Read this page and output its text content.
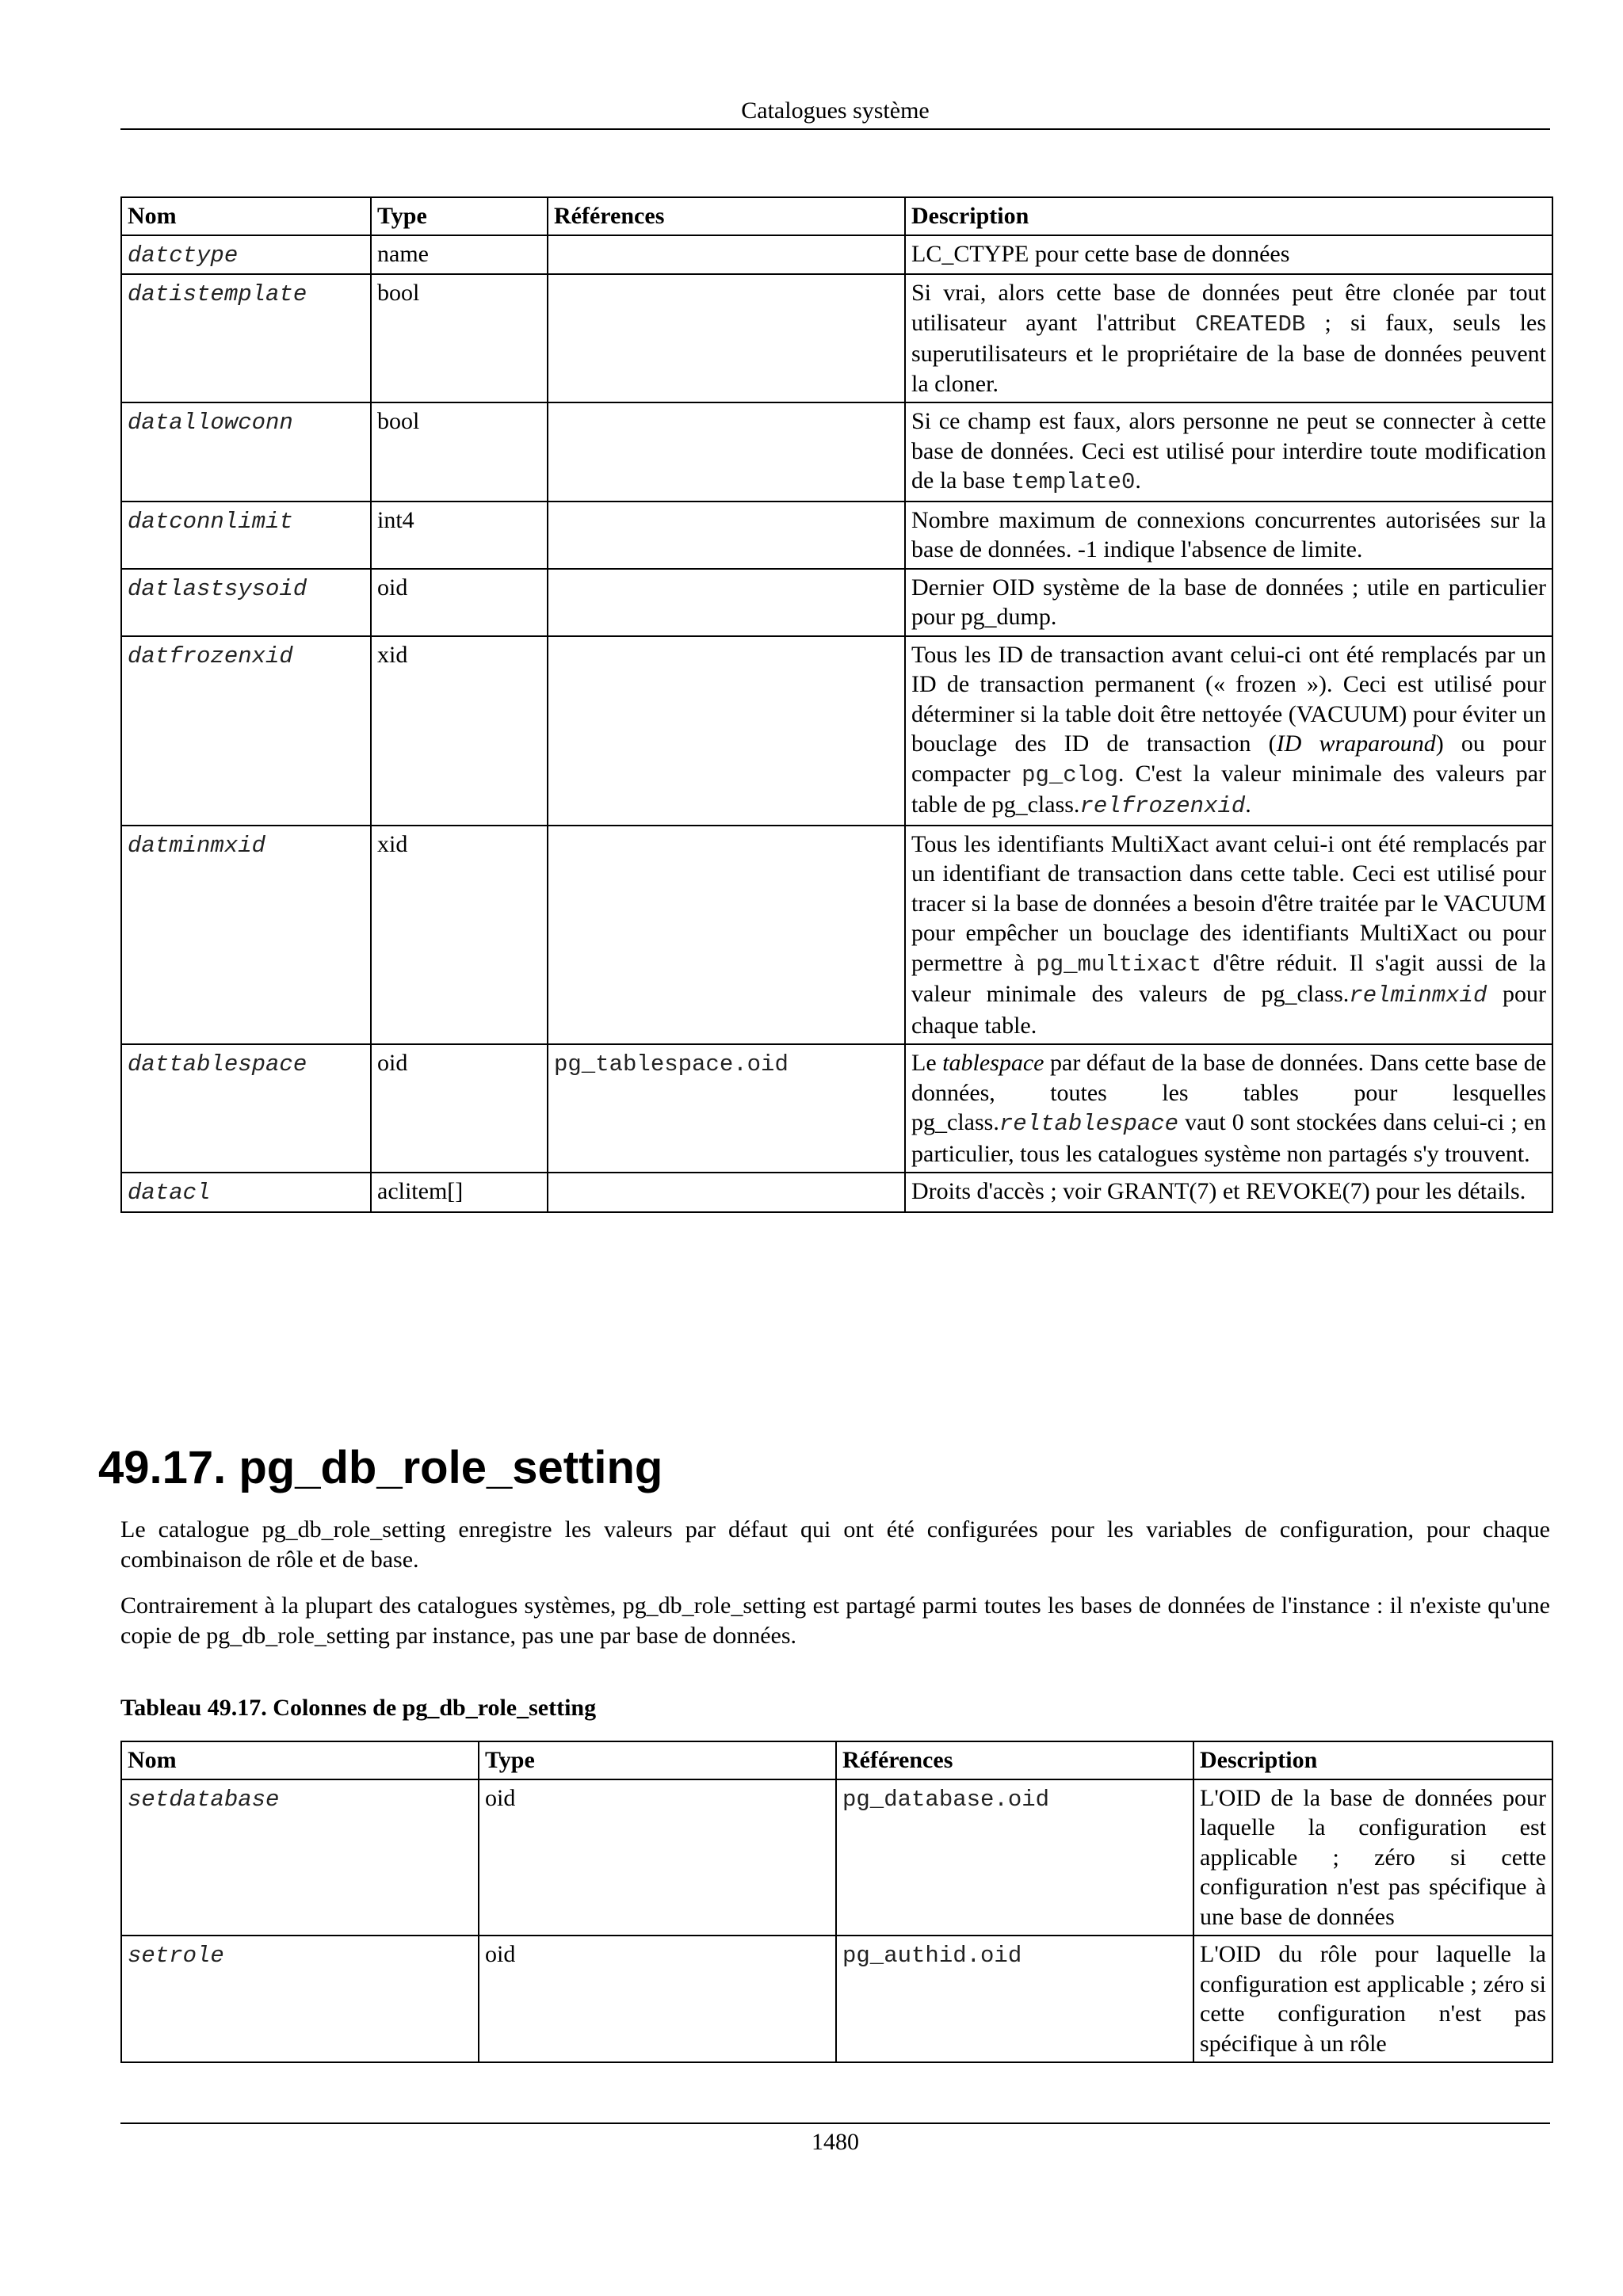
Catalogues système
Nom	Type	Références	Description
datctype	name		LC_CTYPE pour cette base de données
datistemplate	bool		Si vrai, alors cette base de données peut être clonée par tout utilisateur ayant l'attribut CREATEDB ; si faux, seuls les superutilisateurs et le propriétaire de la base de données peuvent la cloner.
datallowconn	bool		Si ce champ est faux, alors personne ne peut se connecter à cette base de données. Ceci est utilisé pour interdire toute modification de la base template0.
datconnlimit	int4		Nombre maximum de connexions concurrentes autorisées sur la base de données. -1 indique l'absence de limite.
datlastsysoid	oid		Dernier OID système de la base de données ; utile en particulier pour pg_dump.
datfrozenxid	xid		Tous les ID de transaction avant celui-ci ont été remplacés par un ID de transaction permanent (« frozen »). Ceci est utilisé pour déterminer si la table doit être nettoyée (VACUUM) pour éviter un bouclage des ID de transaction (ID wraparound) ou pour compacter pg_clog. C'est la valeur minimale des valeurs par table de pg_class.relfrozenxid.
datminmxid	xid		Tous les identifiants MultiXact avant celui-i ont été remplacés par un identifiant de transaction dans cette table. Ceci est utilisé pour tracer si la base de données a besoin d'être traitée par le VACUUM pour empêcher un bouclage des identifiants MultiXact ou pour permettre à pg_multixact d'être réduit. Il s'agit aussi de la valeur minimale des valeurs de pg_class.relminmxid pour chaque table.
dattablespace	oid	pg_tablespace.oid	Le tablespace par défaut de la base de données. Dans cette base de données, toutes les tables pour lesquelles pg_class.reltablespace vaut 0 sont stockées dans celui-ci ; en particulier, tous les catalogues système non partagés s'y trouvent.
datacl	aclitem[]		Droits d'accès ; voir GRANT(7) et REVOKE(7) pour les détails.
49.17. pg_db_role_setting

Le catalogue pg_db_role_setting enregistre les valeurs par défaut qui ont été configurées pour les variables de configuration, pour chaque combinaison de rôle et de base.

Contrairement à la plupart des catalogues systèmes, pg_db_role_setting est partagé parmi toutes les bases de données de l'instance : il n'existe qu'une copie de pg_db_role_setting par instance, pas une par base de données.

Tableau 49.17. Colonnes de pg_db_role_setting
Nom	Type	Références	Description
setdatabase	oid	pg_database.oid	L'OID de la base de données pour laquelle la configuration est applicable ; zéro si cette configuration n'est pas spécifique à une base de données
setrole	oid	pg_authid.oid	L'OID du rôle pour laquelle la configuration est applicable ; zéro si cette configuration n'est pas spécifique à un rôle
1480
